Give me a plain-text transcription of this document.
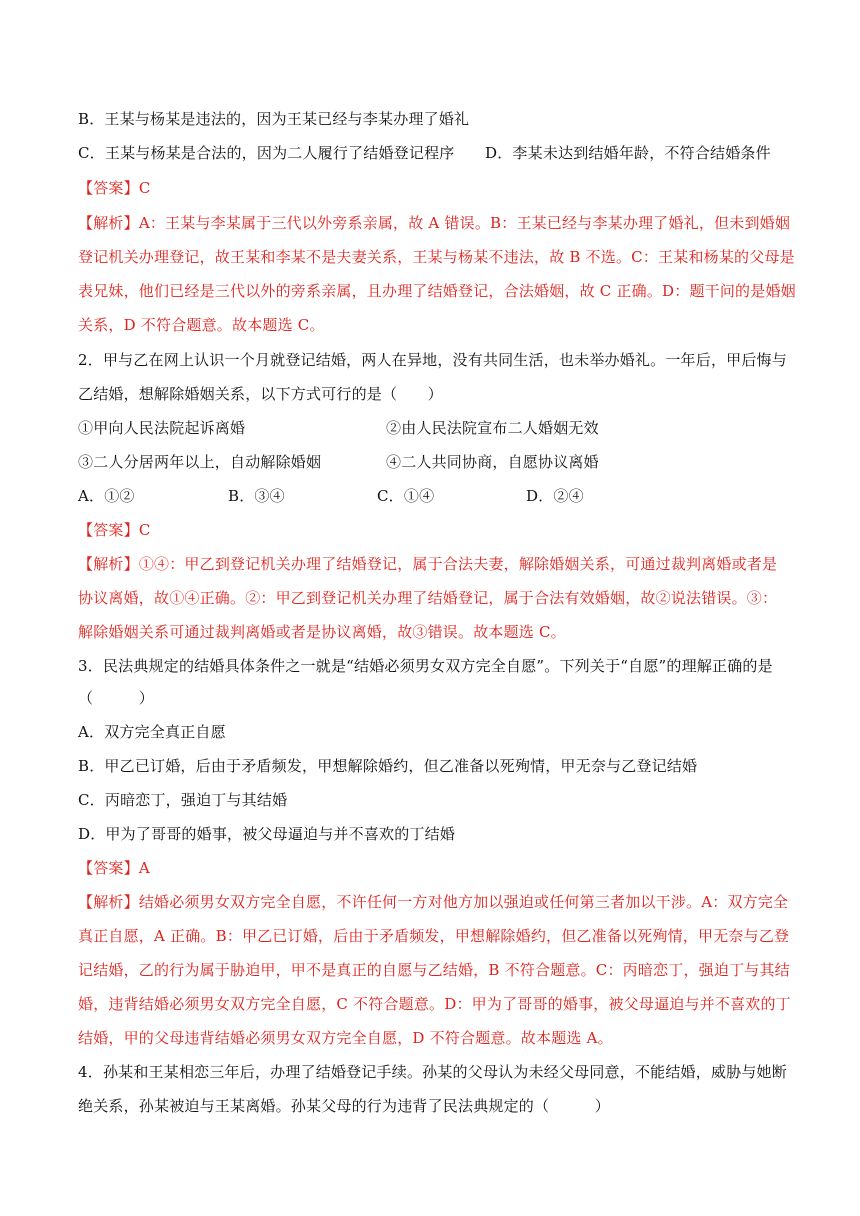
B．王某与杨某是违法的，因为王某已经与李某办理了婚礼
C．王某与杨某是合法的，因为二人履行了结婚登记程序 D．李某未达到结婚年龄，不符合结婚条件
【答案】C
【解析】A：王某与李某属于三代以外旁系亲属，故 A 错误。B：王某已经与李某办理了婚礼，但未到婚姻
登记机关办理登记，故王某和李某不是夫妻关系，王某与杨某不违法，故 B 不选。C：王某和杨某的父母是
表兄妹，他们已经是三代以外的旁系亲属，且办理了结婚登记，合法婚姻，故 C 正确。D：题干问的是婚姻
关系，D 不符合题意。故本题选 C。
2．甲与乙在网上认识一个月就登记结婚，两人在异地，没有共同生活，也未举办婚礼。一年后，甲后悔与
乙结婚，想解除婚姻关系，以下方式可行的是（　　）
①甲向人民法院起诉离婚	②由人民法院宣布二人婚姻无效
③二人分居两年以上，自动解除婚姻	④二人共同协商，自愿协议离婚
A．①②	B．③④	C．①④	D．②④
【答案】C
【解析】①④：甲乙到登记机关办理了结婚登记，属于合法夫妻，解除婚姻关系，可通过裁判离婚或者是
协议离婚，故①④正确。②：甲乙到登记机关办理了结婚登记，属于合法有效婚姻，故②说法错误。③：
解除婚姻关系可通过裁判离婚或者是协议离婚，故③错误。故本题选 C。
3．民法典规定的结婚具体条件之一就是“结婚必须男女双方完全自愿”。下列关于“自愿”的理解正确的是
（　　　）
A．双方完全真正自愿
B．甲乙已订婚，后由于矛盾频发，甲想解除婚约，但乙准备以死殉情，甲无奈与乙登记结婚
C．丙暗恋丁，强迫丁与其结婚
D．甲为了哥哥的婚事，被父母逼迫与并不喜欢的丁结婚
【答案】A
【解析】结婚必须男女双方完全自愿，不许任何一方对他方加以强迫或任何第三者加以干涉。A：双方完全
真正自愿，A 正确。B：甲乙已订婚，后由于矛盾频发，甲想解除婚约，但乙准备以死殉情，甲无奈与乙登
记结婚，乙的行为属于胁迫甲，甲不是真正的自愿与乙结婚，B 不符合题意。C：丙暗恋丁，强迫丁与其结
婚，违背结婚必须男女双方完全自愿，C 不符合题意。D：甲为了哥哥的婚事，被父母逼迫与并不喜欢的丁
结婚，甲的父母违背结婚必须男女双方完全自愿，D 不符合题意。故本题选 A。
4．孙某和王某相恋三年后，办理了结婚登记手续。孙某的父母认为未经父母同意，不能结婚，威胁与她断
绝关系，孙某被迫与王某离婚。孙某父母的行为违背了民法典规定的（　　　）
